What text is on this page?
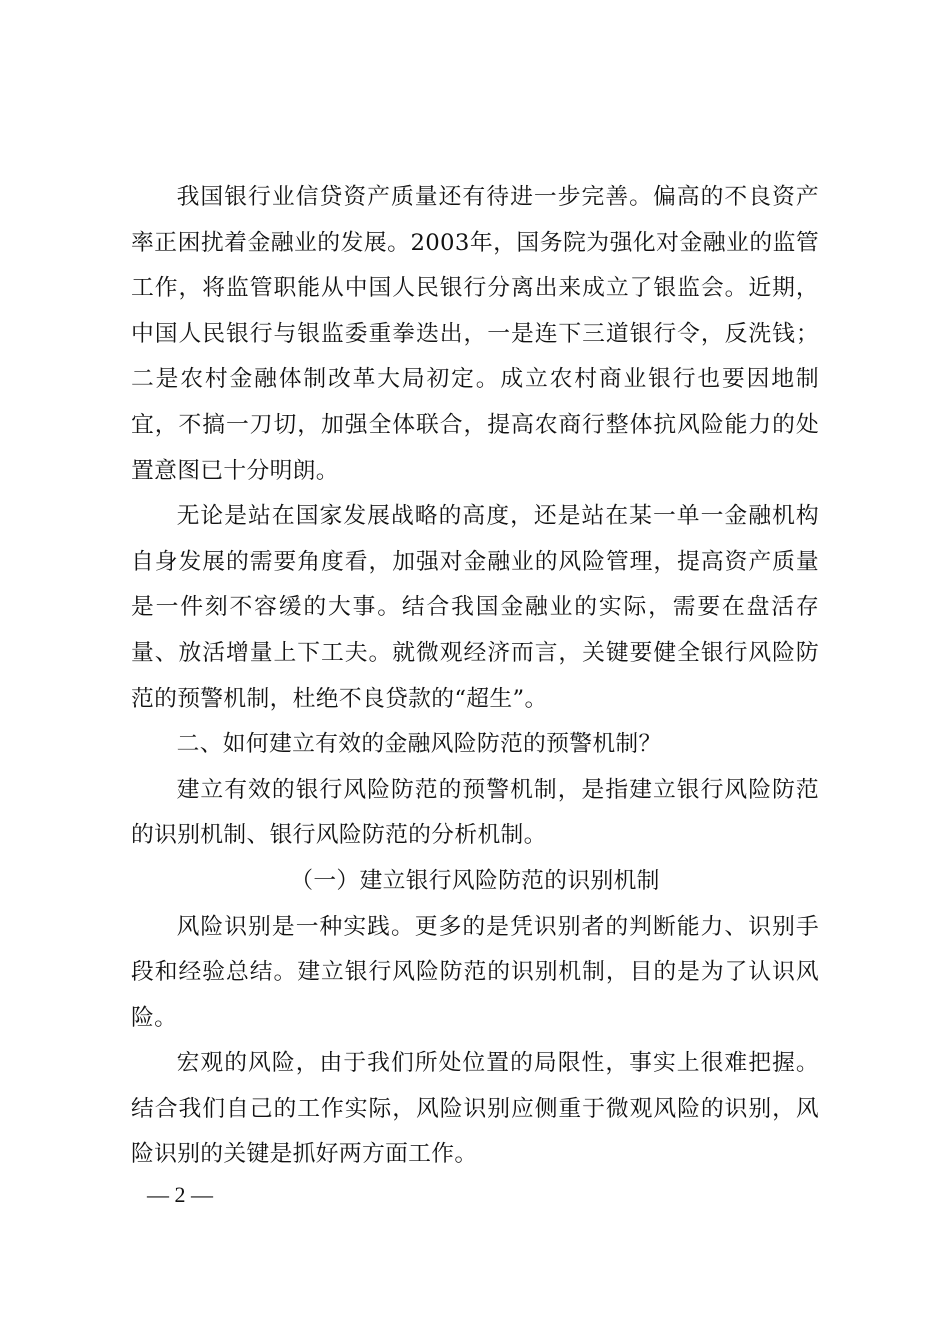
我国银行业信贷资产质量还有待进一步完善。偏高的不良资产率正困扰着金融业的发展。2003年，国务院为强化对金融业的监管工作，将监管职能从中国人民银行分离出来成立了银监会。近期，中国人民银行与银监委重拳迭出，一是连下三道银行令，反洗钱；二是农村金融体制改革大局初定。成立农村商业银行也要因地制宜，不搞一刀切，加强全体联合，提高农商行整体抗风险能力的处置意图已十分明朗。

无论是站在国家发展战略的高度，还是站在某一单一金融机构自身发展的需要角度看，加强对金融业的风险管理，提高资产质量是一件刻不容缓的大事。结合我国金融业的实际，需要在盘活存量、放活增量上下工夫。就微观经济而言，关键要健全银行风险防范的预警机制，杜绝不良贷款的“超生”。

二、如何建立有效的金融风险防范的预警机制？

建立有效的银行风险防范的预警机制，是指建立银行风险防范的识别机制、银行风险防范的分析机制。

（一）建立银行风险防范的识别机制

风险识别是一种实践。更多的是凭识别者的判断能力、识别手段和经验总结。建立银行风险防范的识别机制，目的是为了认识风险。

宏观的风险，由于我们所处位置的局限性，事实上很难把握。结合我们自己的工作实际，风险识别应侧重于微观风险的识别，风险识别的关键是抓好两方面工作。

— 2 —
